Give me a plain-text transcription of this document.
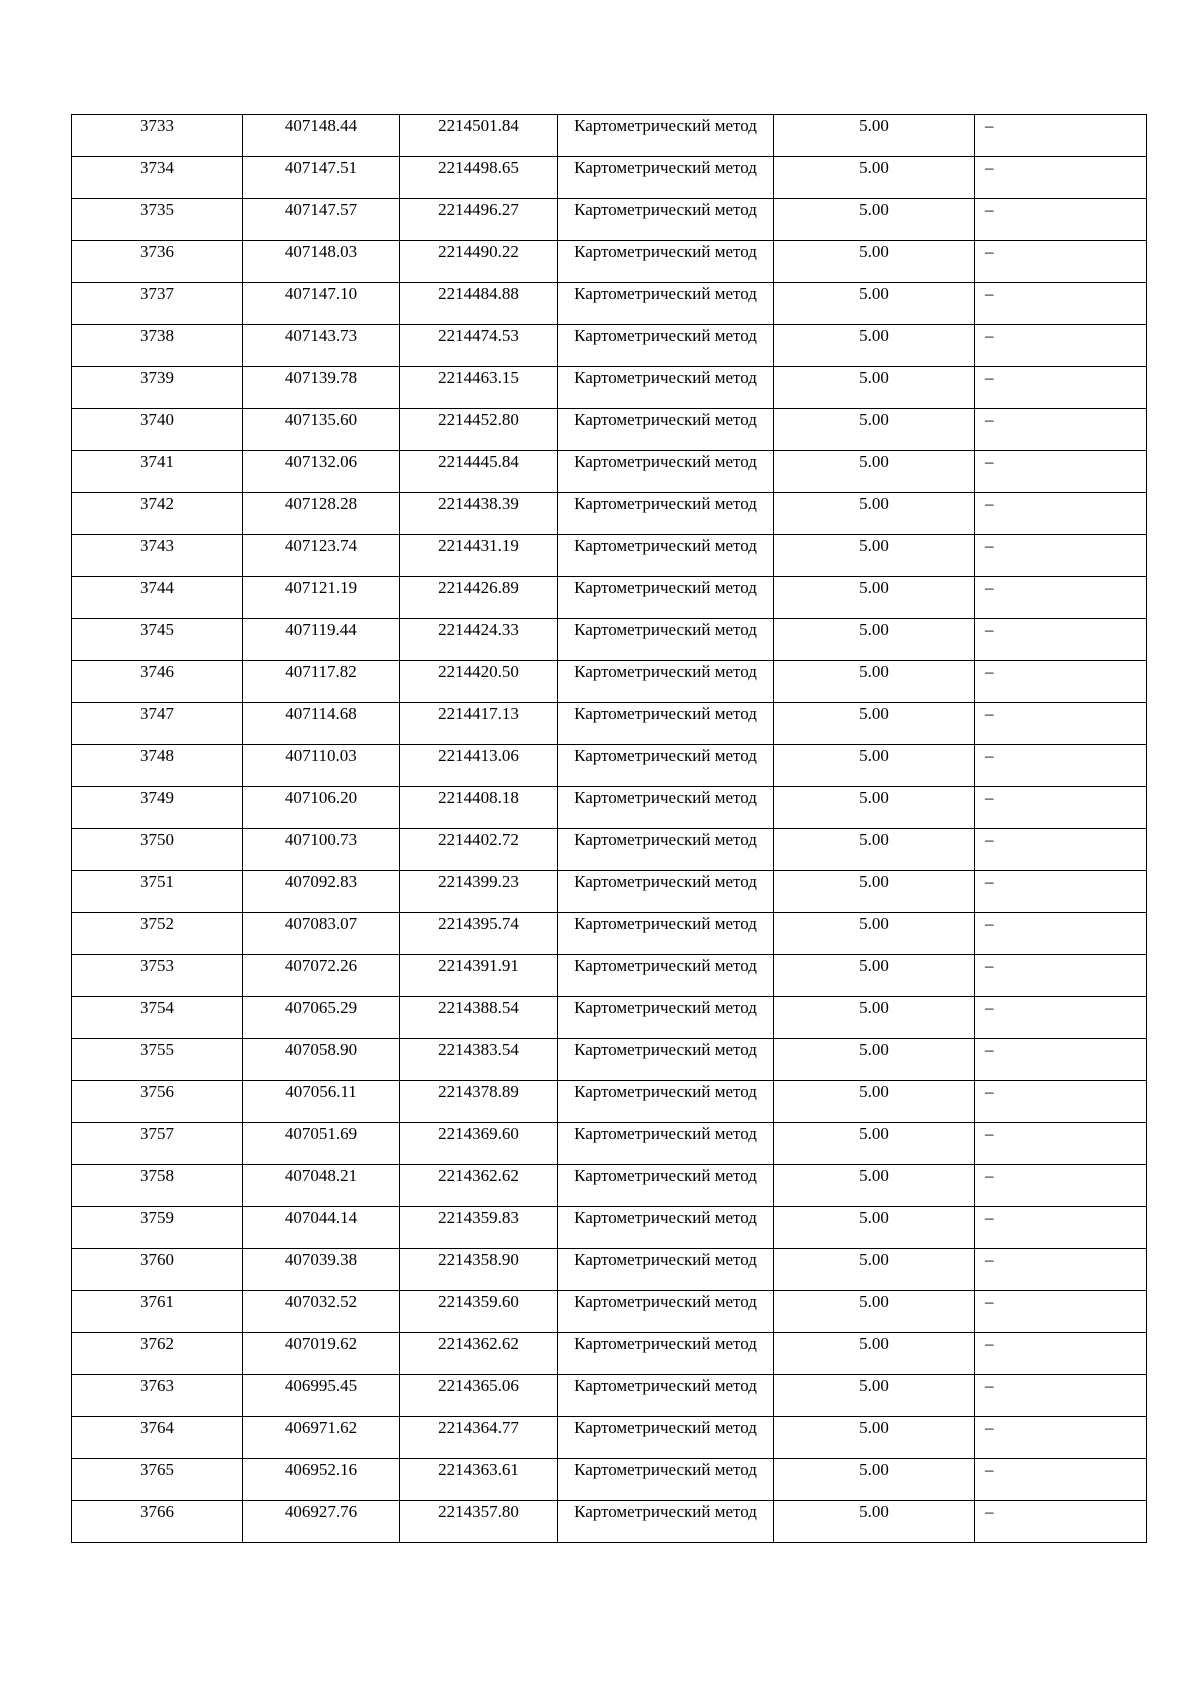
3733	407148.44	2214501.84	Картометрический метод	5.00	–

3734	407147.51	2214498.65	Картометрический метод	5.00	–

3735	407147.57	2214496.27	Картометрический метод	5.00	–

3736	407148.03	2214490.22	Картометрический метод	5.00	–

3737	407147.10	2214484.88	Картометрический метод	5.00	–

3738	407143.73	2214474.53	Картометрический метод	5.00	–

3739	407139.78	2214463.15	Картометрический метод	5.00	–

3740	407135.60	2214452.80	Картометрический метод	5.00	–

3741	407132.06	2214445.84	Картометрический метод	5.00	–

3742	407128.28	2214438.39	Картометрический метод	5.00	–

3743	407123.74	2214431.19	Картометрический метод	5.00	–

3744	407121.19	2214426.89	Картометрический метод	5.00	–

3745	407119.44	2214424.33	Картометрический метод	5.00	–

3746	407117.82	2214420.50	Картометрический метод	5.00	–

3747	407114.68	2214417.13	Картометрический метод	5.00	–

3748	407110.03	2214413.06	Картометрический метод	5.00	–

3749	407106.20	2214408.18	Картометрический метод	5.00	–

3750	407100.73	2214402.72	Картометрический метод	5.00	–

3751	407092.83	2214399.23	Картометрический метод	5.00	–

3752	407083.07	2214395.74	Картометрический метод	5.00	–

3753	407072.26	2214391.91	Картометрический метод	5.00	–

3754	407065.29	2214388.54	Картометрический метод	5.00	–

3755	407058.90	2214383.54	Картометрический метод	5.00	–

3756	407056.11	2214378.89	Картометрический метод	5.00	–

3757	407051.69	2214369.60	Картометрический метод	5.00	–

3758	407048.21	2214362.62	Картометрический метод	5.00	–

3759	407044.14	2214359.83	Картометрический метод	5.00	–

3760	407039.38	2214358.90	Картометрический метод	5.00	–

3761	407032.52	2214359.60	Картометрический метод	5.00	–

3762	407019.62	2214362.62	Картометрический метод	5.00	–

3763	406995.45	2214365.06	Картометрический метод	5.00	–

3764	406971.62	2214364.77	Картометрический метод	5.00	–

3765	406952.16	2214363.61	Картометрический метод	5.00	–

3766	406927.76	2214357.80	Картометрический метод	5.00	–
